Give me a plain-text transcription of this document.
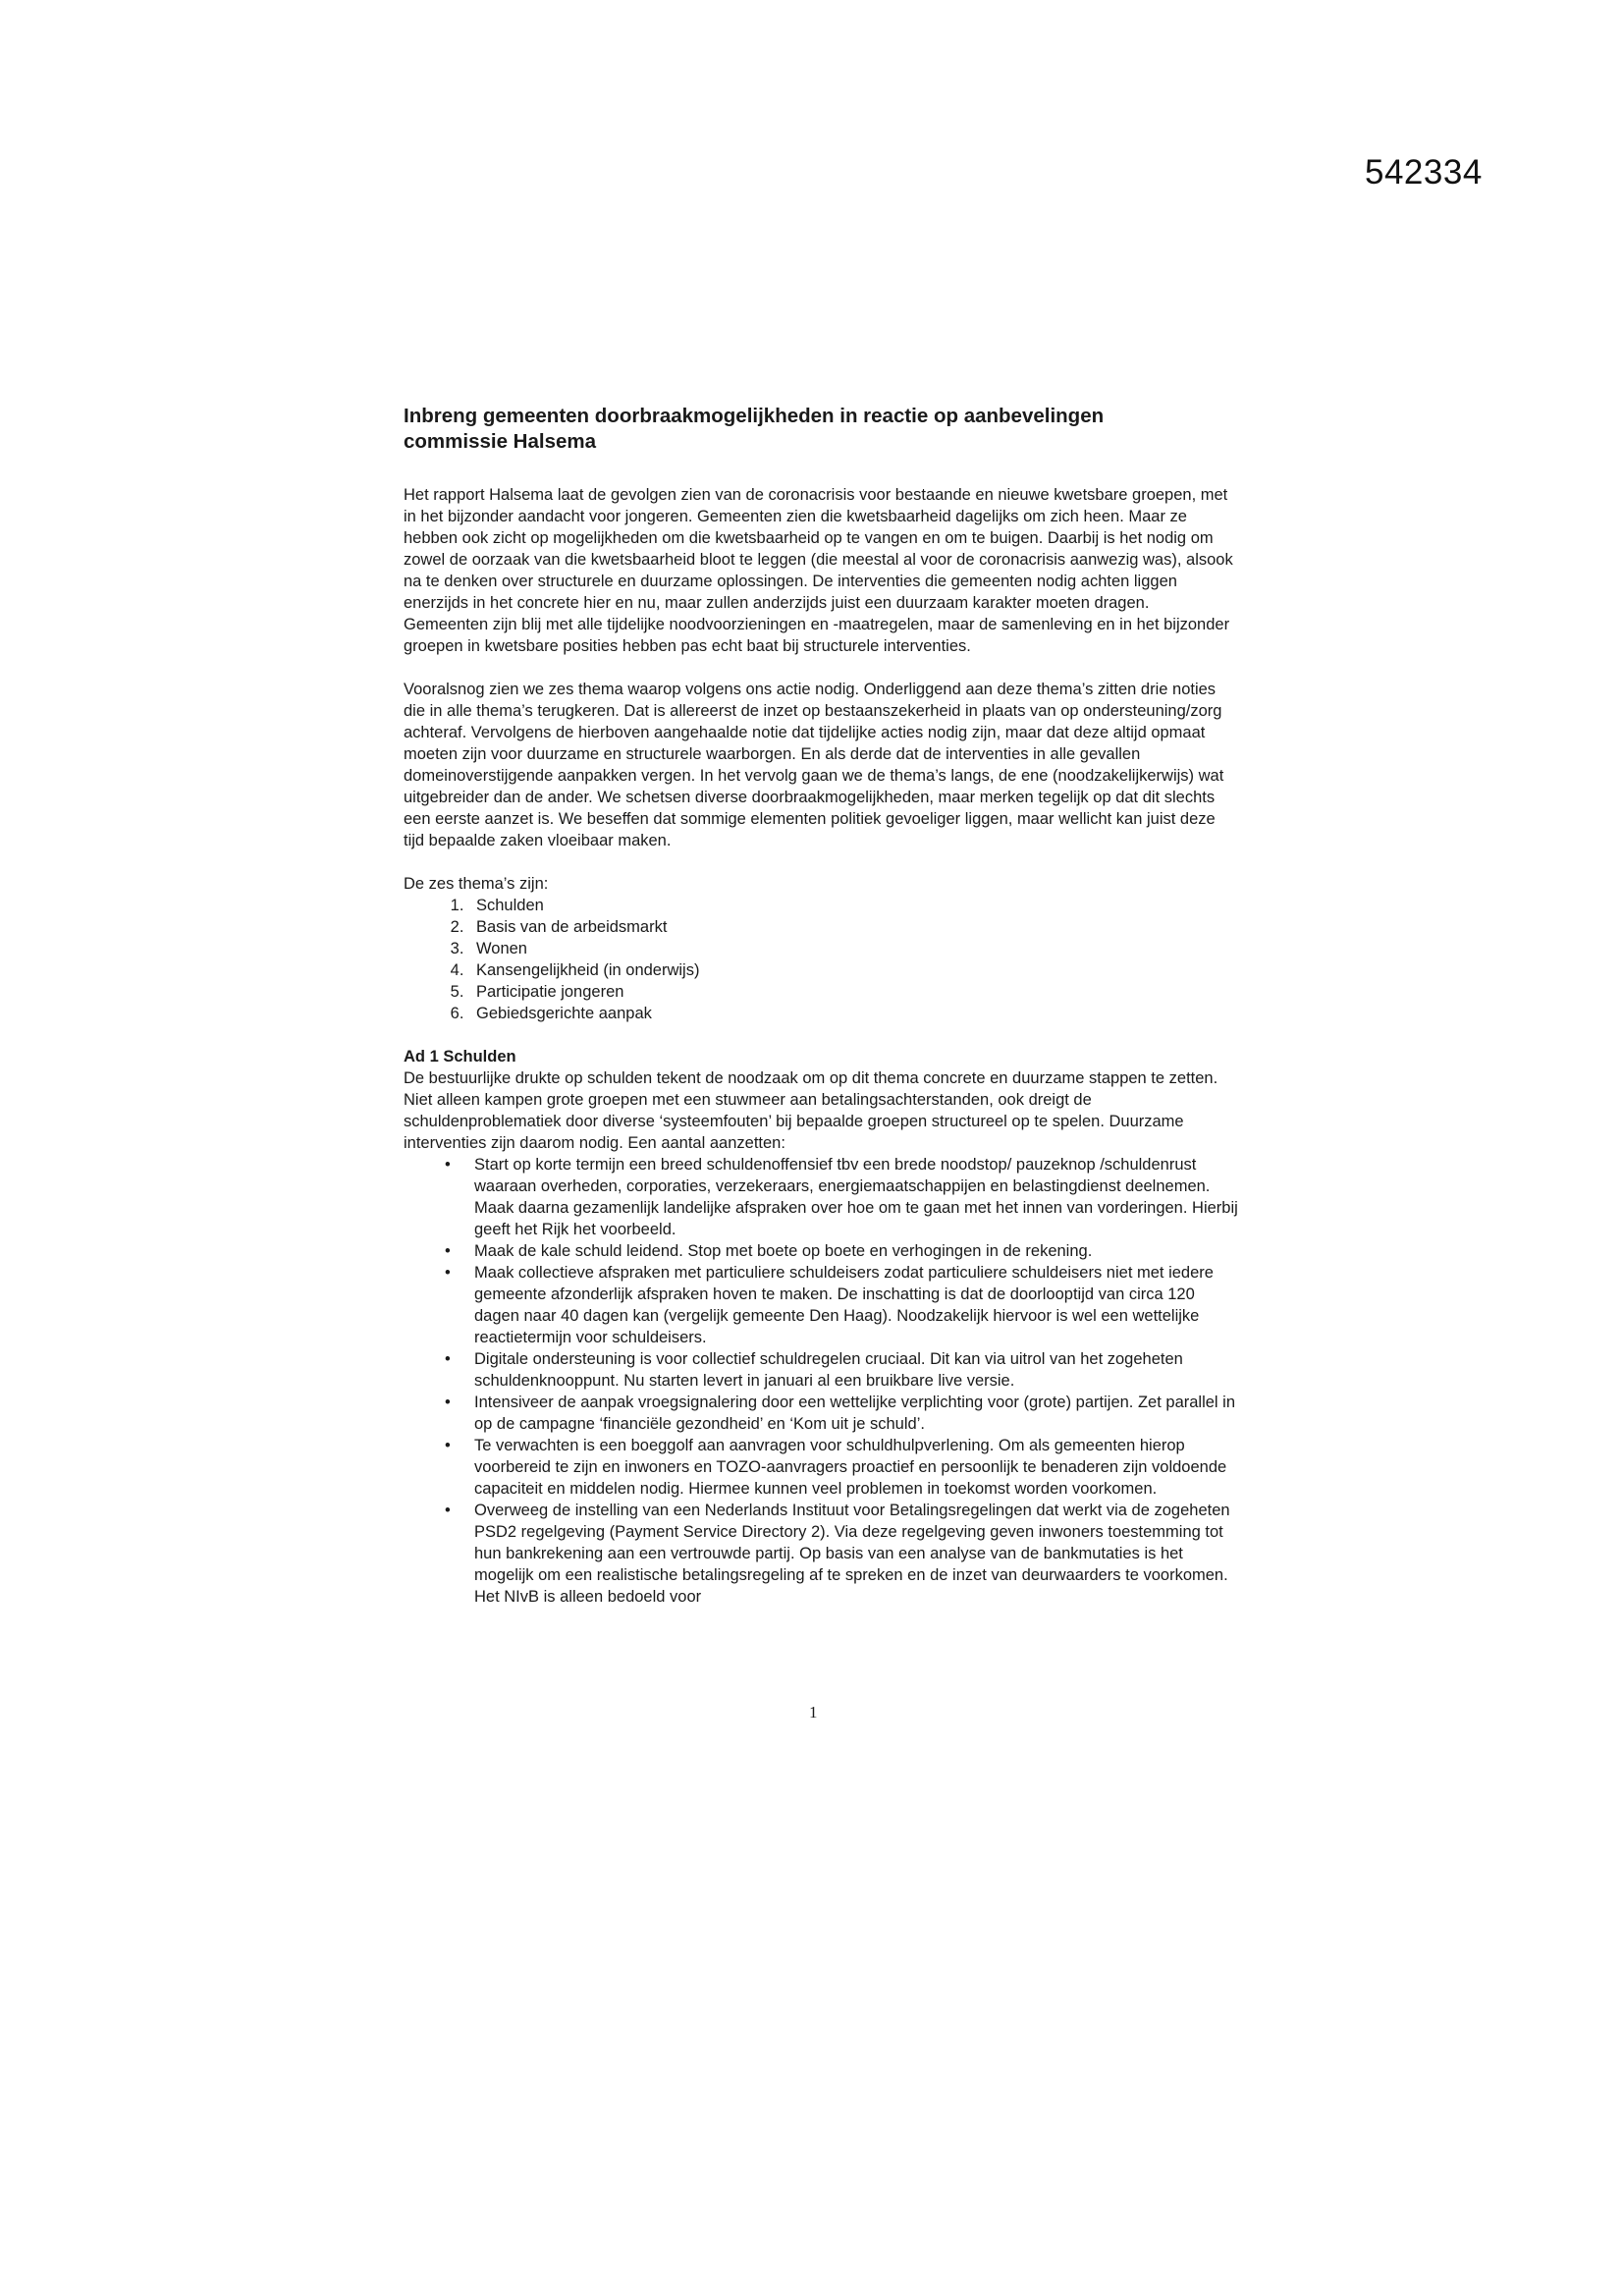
542334
Inbreng gemeenten doorbraakmogelijkheden in reactie op aanbevelingen commissie Halsema

Het rapport Halsema laat de gevolgen zien van de coronacrisis voor bestaande en nieuwe kwetsbare groepen, met in het bijzonder aandacht voor jongeren. Gemeenten zien die kwetsbaarheid dagelijks om zich heen. Maar ze hebben ook zicht op mogelijkheden om die kwetsbaarheid op te vangen en om te buigen. Daarbij is het nodig om zowel de oorzaak van die kwetsbaarheid bloot te leggen (die meestal al voor de coronacrisis aanwezig was), alsook na te denken over structurele en duurzame oplossingen. De interventies die gemeenten nodig achten liggen enerzijds in het concrete hier en nu, maar zullen anderzijds juist een duurzaam karakter moeten dragen. Gemeenten zijn blij met alle tijdelijke noodvoorzieningen en -maatregelen, maar de samenleving en in het bijzonder groepen in kwetsbare posities hebben pas echt baat bij structurele interventies.

Vooralsnog zien we zes thema waarop volgens ons actie nodig. Onderliggend aan deze thema’s zitten drie noties die in alle thema’s terugkeren. Dat is allereerst de inzet op bestaanszekerheid in plaats van op ondersteuning/zorg achteraf. Vervolgens de hierboven aangehaalde notie dat tijdelijke acties nodig zijn, maar dat deze altijd opmaat moeten zijn voor duurzame en structurele waarborgen. En als derde dat de interventies in alle gevallen domeinoverstijgende aanpakken vergen. In het vervolg gaan we de thema’s langs, de ene (noodzakelijkerwijs) wat uitgebreider dan de ander. We schetsen diverse doorbraakmogelijkheden, maar merken tegelijk op dat dit slechts een eerste aanzet is. We beseffen dat sommige elementen politiek gevoeliger liggen, maar wellicht kan juist deze tijd bepaalde zaken vloeibaar maken.

De zes thema’s zijn:

1. Schulden
2. Basis van de arbeidsmarkt
3. Wonen
4. Kansengelijkheid (in onderwijs)
5. Participatie jongeren
6. Gebiedsgerichte aanpak

Ad 1 Schulden

De bestuurlijke drukte op schulden tekent de noodzaak om op dit thema concrete en duurzame stappen te zetten. Niet alleen kampen grote groepen met een stuwmeer aan betalingsachterstanden, ook dreigt de schuldenproblematiek door diverse ‘systeemfouten’ bij bepaalde groepen structureel op te spelen. Duurzame interventies zijn daarom nodig. Een aantal aanzetten:

• Start op korte termijn een breed schuldenoffensief tbv een brede noodstop/ pauzeknop /schuldenrust waaraan overheden, corporaties, verzekeraars, energiemaatschappijen en belastingdienst deelnemen. Maak daarna gezamenlijk landelijke afspraken over hoe om te gaan met het innen van vorderingen. Hierbij geeft het Rijk het voorbeeld.
• Maak de kale schuld leidend. Stop met boete op boete en verhogingen in de rekening.
• Maak collectieve afspraken met particuliere schuldeisers zodat particuliere schuldeisers niet met iedere gemeente afzonderlijk afspraken hoven te maken. De inschatting is dat de doorlooptijd van circa 120 dagen naar 40 dagen kan (vergelijk gemeente Den Haag). Noodzakelijk hiervoor is wel een wettelijke reactietermijn voor schuldeisers.
• Digitale ondersteuning is voor collectief schuldregelen cruciaal. Dit kan via uitrol van het zogeheten schuldenknooppunt. Nu starten levert in januari al een bruikbare live versie.
• Intensiveer de aanpak vroegsignalering door een wettelijke verplichting voor (grote) partijen. Zet parallel in op de campagne ‘financiële gezondheid’ en ‘Kom uit je schuld’.
• Te verwachten is een boeggolf aan aanvragen voor schuldhulpverlening. Om als gemeenten hierop voorbereid te zijn en inwoners en TOZO-aanvragers proactief en persoonlijk te benaderen zijn voldoende capaciteit en middelen nodig. Hiermee kunnen veel problemen in toekomst worden voorkomen.
• Overweeg de instelling van een Nederlands Instituut voor Betalingsregelingen dat werkt via de zogeheten PSD2 regelgeving (Payment Service Directory 2). Via deze regelgeving geven inwoners toestemming tot hun bankrekening aan een vertrouwde partij. Op basis van een analyse van de bankmutaties is het mogelijk om een realistische betalingsregeling af te spreken en de inzet van deurwaarders te voorkomen. Het NIvB is alleen bedoeld voor
1
